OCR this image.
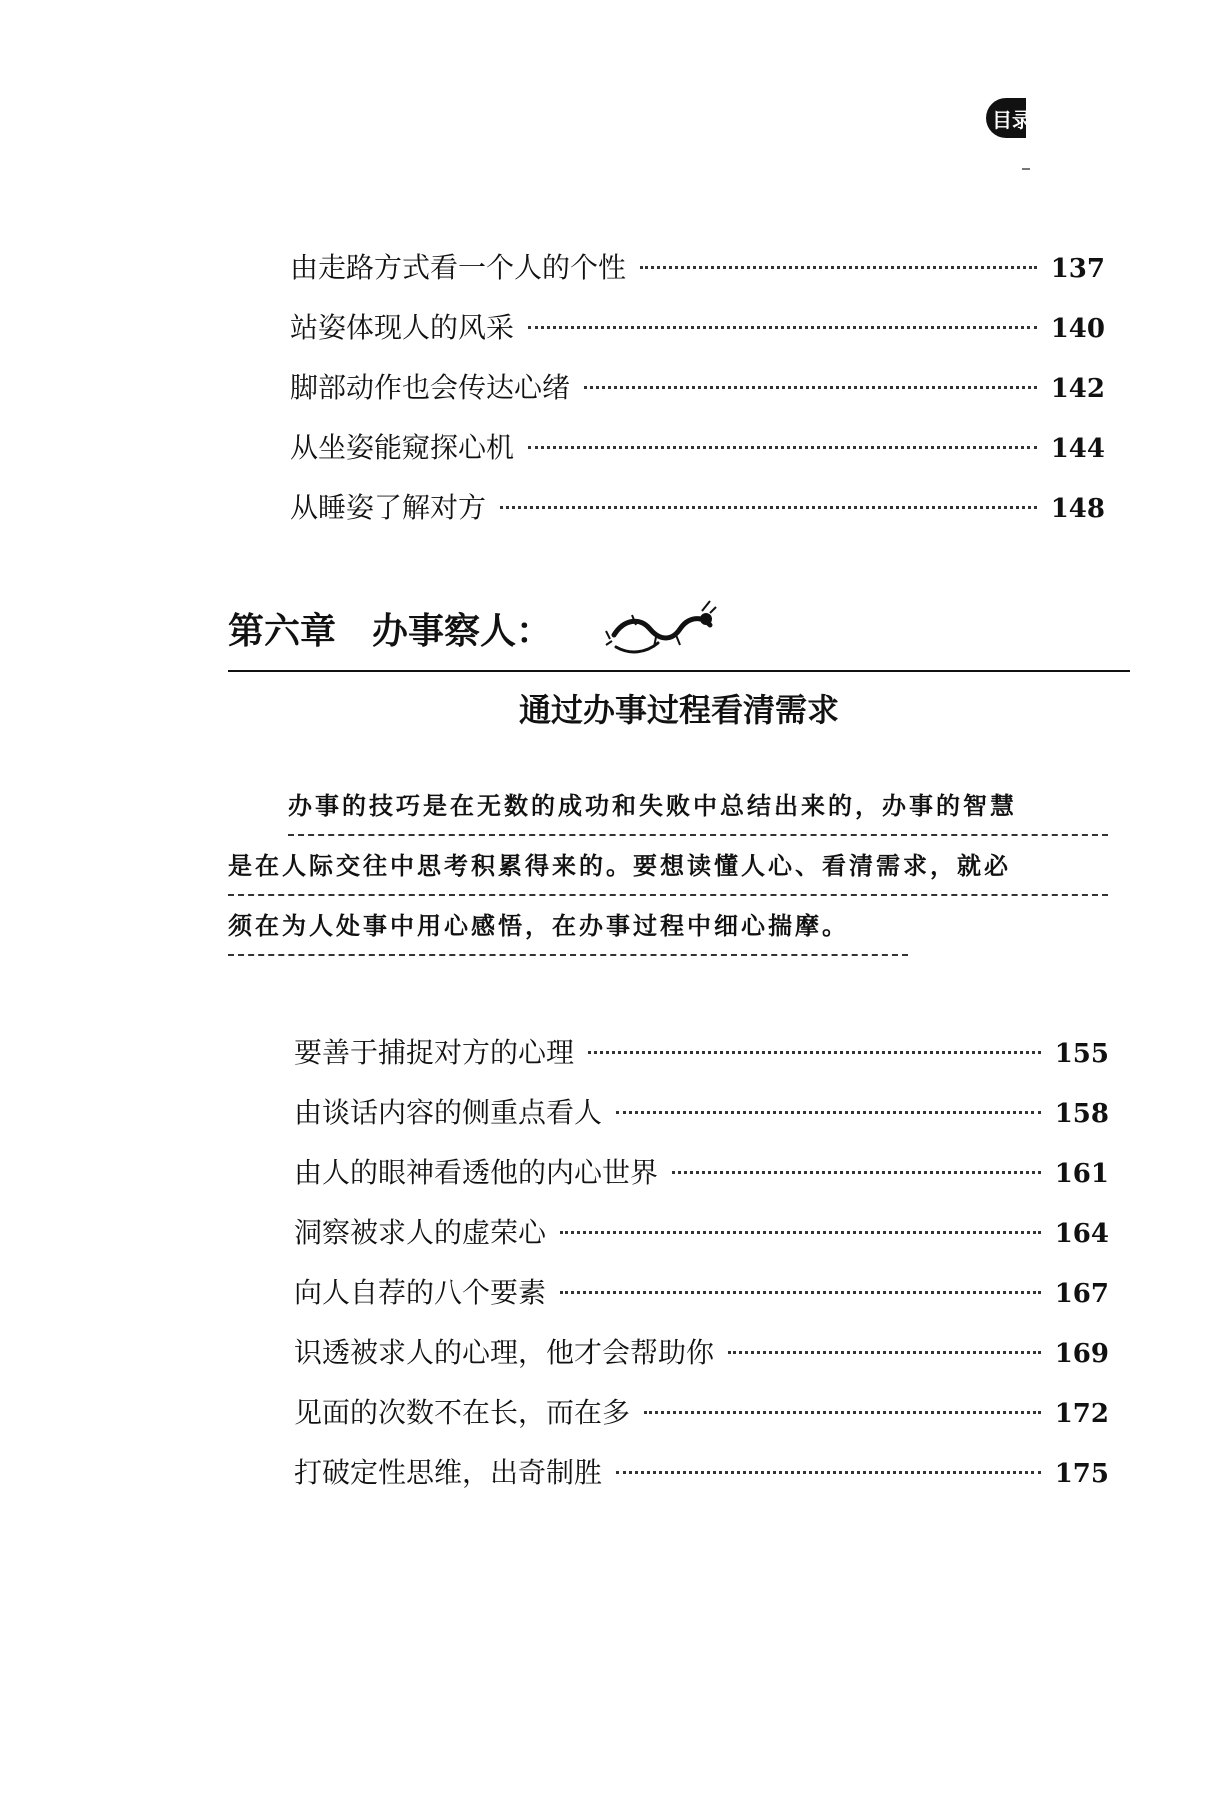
目录
由走路方式看一个人的个性	137
站姿体现人的风采	140
脚部动作也会传达心绪	142
从坐姿能窥探心机	144
从睡姿了解对方	148
第六章 办事察人：
通过办事过程看清需求
办事的技巧是在无数的成功和失败中总结出来的，办事的智慧
是在人际交往中思考积累得来的。要想读懂人心、看清需求，就必
须在为人处事中用心感悟，在办事过程中细心揣摩。
要善于捕捉对方的心理	155
由谈话内容的侧重点看人	158
由人的眼神看透他的内心世界	161
洞察被求人的虚荣心	164
向人自荐的八个要素	167
识透被求人的心理，他才会帮助你	169
见面的次数不在长，而在多	172
打破定性思维，出奇制胜	175
